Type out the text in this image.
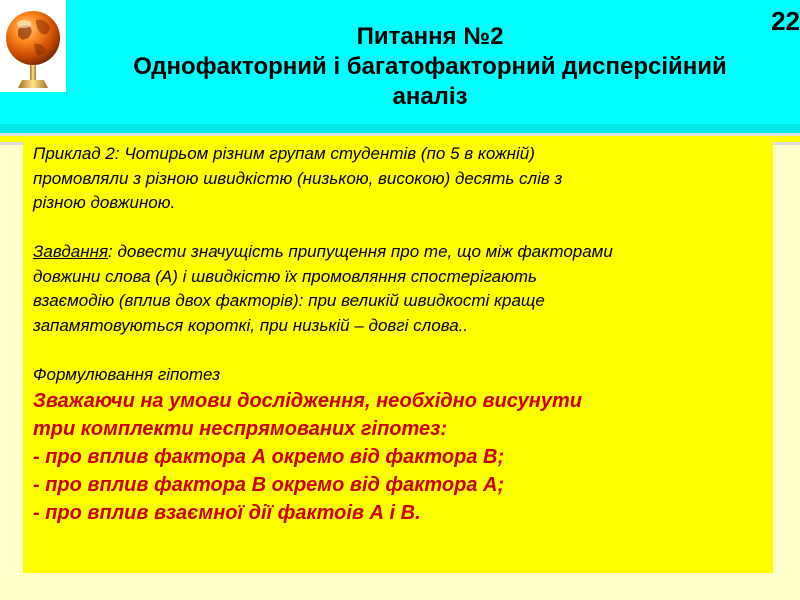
22
Питання №2
Однофакторний і багатофакторний дисперсійний
аналіз

Приклад 2: Чотирьом різним групам студентів (по 5 в кожній)

промовляли з різною швидкістю (низькою, високою) десять слів з

різною довжиною.

Завдання: довести значущість припущення про те, що між факторами

довжини слова (А) і швидкістю їх промовляння спостерігають

взаємодію (вплив двох факторів): при великій швидкості краще

запамятовуються короткі, при низькій – довгі слова..

Формулювання гіпотез

Зважаючи на умови дослідження, необхідно висунути

три комплекти неспрямованих гіпотез:

- про вплив фактора А окремо від фактора В;

- про вплив фактора В окремо від фактора А;

- про вплив взаємної дії фактоів А і В.
